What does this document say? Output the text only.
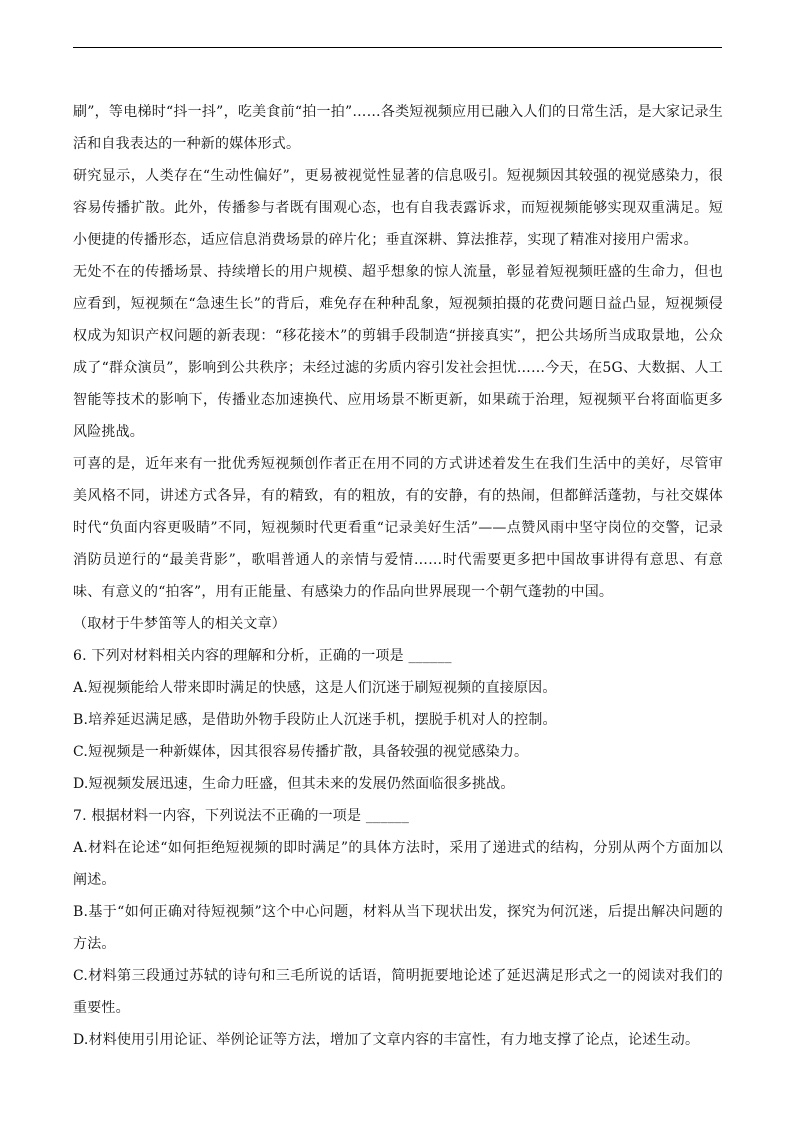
刷”，等电梯时“抖一抖”，吃美食前“拍一拍”……各类短视频应用已融入人们的日常生活，是大家记录生活和自我表达的一种新的媒体形式。

研究显示，人类存在“生动性偏好”，更易被视觉性显著的信息吸引。短视频因其较强的视觉感染力，很容易传播扩散。此外，传播参与者既有围观心态，也有自我表露诉求，而短视频能够实现双重满足。短小便捷的传播形态，适应信息消费场景的碎片化；垂直深耕、算法推荐，实现了精准对接用户需求。

无处不在的传播场景、持续增长的用户规模、超乎想象的惊人流量，彰显着短视频旺盛的生命力，但也应看到，短视频在“急速生长”的背后，难免存在种种乱象，短视频拍摄的花费问题日益凸显，短视频侵权成为知识产权问题的新表现：“移花接木”的剪辑手段制造“拼接真实”，把公共场所当成取景地，公众成了“群众演员”，影响到公共秩序；未经过滤的劣质内容引发社会担忧……今天，在5G、大数据、人工智能等技术的影响下，传播业态加速换代、应用场景不断更新，如果疏于治理，短视频平台将面临更多风险挑战。

可喜的是，近年来有一批优秀短视频创作者正在用不同的方式讲述着发生在我们生活中的美好，尽管审美风格不同，讲述方式各异，有的精致，有的粗放，有的安静，有的热闹，但都鲜活蓬勃，与社交媒体时代“负面内容更吸睛”不同，短视频时代更看重“记录美好生活”——点赞风雨中坚守岗位的交警，记录消防员逆行的“最美背影”，歌唱普通人的亲情与爱情……时代需要更多把中国故事讲得有意思、有意味、有意义的“拍客”，用有正能量、有感染力的作品向世界展现一个朝气蓬勃的中国。

（取材于牛梦笛等人的相关文章）

6. 下列对材料相关内容的理解和分析，正确的一项是 ______

A.短视频能给人带来即时满足的快感，这是人们沉迷于刷短视频的直接原因。

B.培养延迟满足感，是借助外物手段防止人沉迷手机，摆脱手机对人的控制。

C.短视频是一种新媒体，因其很容易传播扩散，具备较强的视觉感染力。

D.短视频发展迅速，生命力旺盛，但其未来的发展仍然面临很多挑战。

7. 根据材料一内容，下列说法不正确的一项是 ______

A.材料在论述“如何拒绝短视频的即时满足”的具体方法时，采用了递进式的结构，分别从两个方面加以阐述。

B.基于“如何正确对待短视频”这个中心问题，材料从当下现状出发，探究为何沉迷，后提出解决问题的方法。

C.材料第三段通过苏轼的诗句和三毛所说的话语，简明扼要地论述了延迟满足形式之一的阅读对我们的重要性。

D.材料使用引用论证、举例论证等方法，增加了文章内容的丰富性，有力地支撑了论点，论述生动。
